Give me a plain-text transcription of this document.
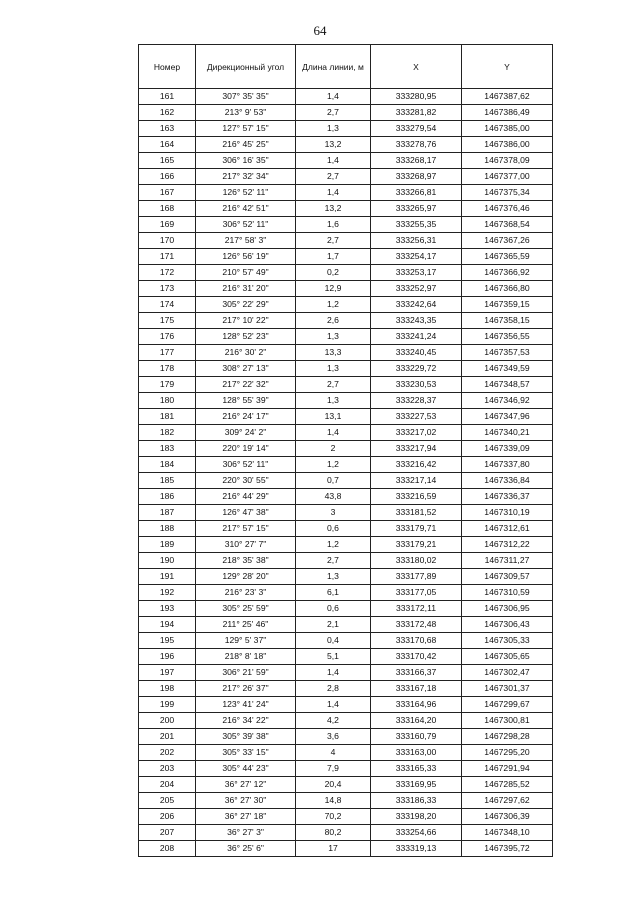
64
Номер	Дирекционный угол	Длина линии, м	X	Y
161	307° 35' 35"	1,4	333280,95	1467387,62
162	213° 9' 53"	2,7	333281,82	1467386,49
163	127° 57' 15"	1,3	333279,54	1467385,00
164	216° 45' 25"	13,2	333278,76	1467386,00
165	306° 16' 35"	1,4	333268,17	1467378,09
166	217° 32' 34"	2,7	333268,97	1467377,00
167	126° 52' 11"	1,4	333266,81	1467375,34
168	216° 42' 51"	13,2	333265,97	1467376,46
169	306° 52' 11"	1,6	333255,35	1467368,54
170	217° 58' 3"	2,7	333256,31	1467367,26
171	126° 56' 19"	1,7	333254,17	1467365,59
172	210° 57' 49"	0,2	333253,17	1467366,92
173	216° 31' 20"	12,9	333252,97	1467366,80
174	305° 22' 29"	1,2	333242,64	1467359,15
175	217° 10' 22"	2,6	333243,35	1467358,15
176	128° 52' 23"	1,3	333241,24	1467356,55
177	216° 30' 2"	13,3	333240,45	1467357,53
178	308° 27' 13"	1,3	333229,72	1467349,59
179	217° 22' 32"	2,7	333230,53	1467348,57
180	128° 55' 39"	1,3	333228,37	1467346,92
181	216° 24' 17"	13,1	333227,53	1467347,96
182	309° 24' 2"	1,4	333217,02	1467340,21
183	220° 19' 14"	2	333217,94	1467339,09
184	306° 52' 11"	1,2	333216,42	1467337,80
185	220° 30' 55"	0,7	333217,14	1467336,84
186	216° 44' 29"	43,8	333216,59	1467336,37
187	126° 47' 38"	3	333181,52	1467310,19
188	217° 57' 15"	0,6	333179,71	1467312,61
189	310° 27' 7"	1,2	333179,21	1467312,22
190	218° 35' 38"	2,7	333180,02	1467311,27
191	129° 28' 20"	1,3	333177,89	1467309,57
192	216° 23' 3"	6,1	333177,05	1467310,59
193	305° 25' 59"	0,6	333172,11	1467306,95
194	211° 25' 46"	2,1	333172,48	1467306,43
195	129° 5' 37"	0,4	333170,68	1467305,33
196	218° 8' 18"	5,1	333170,42	1467305,65
197	306° 21' 59"	1,4	333166,37	1467302,47
198	217° 26' 37"	2,8	333167,18	1467301,37
199	123° 41' 24"	1,4	333164,96	1467299,67
200	216° 34' 22"	4,2	333164,20	1467300,81
201	305° 39' 38"	3,6	333160,79	1467298,28
202	305° 33' 15"	4	333163,00	1467295,20
203	305° 44' 23"	7,9	333165,33	1467291,94
204	36° 27' 12"	20,4	333169,95	1467285,52
205	36° 27' 30"	14,8	333186,33	1467297,62
206	36° 27' 18"	70,2	333198,20	1467306,39
207	36° 27' 3"	80,2	333254,66	1467348,10
208	36° 25' 6"	17	333319,13	1467395,72
